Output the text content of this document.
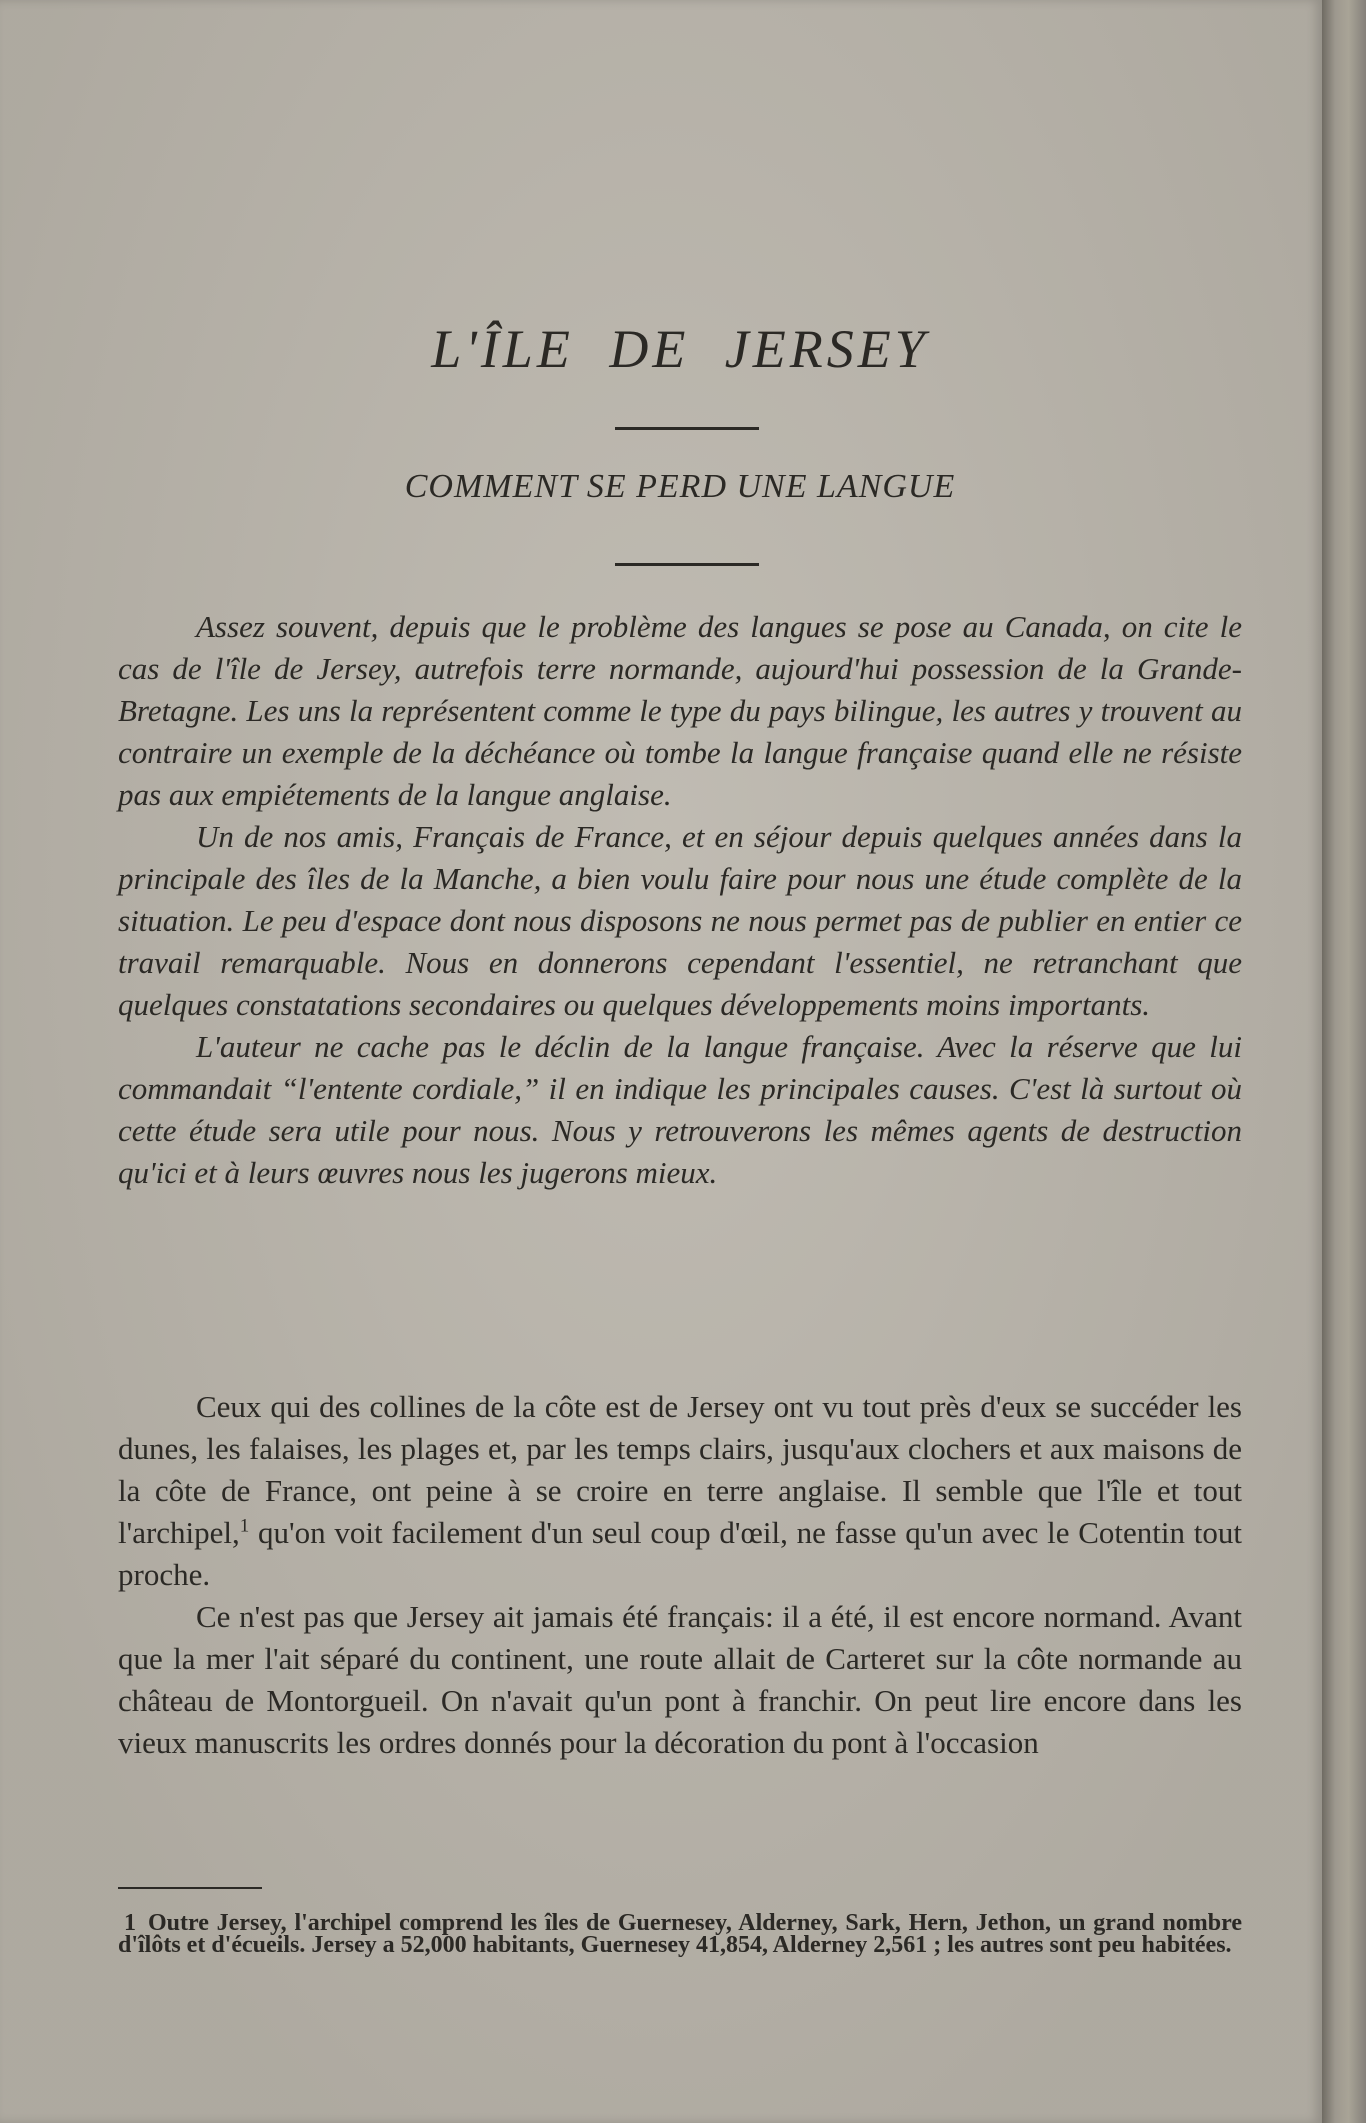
L'ÎLE DE JERSEY
COMMENT SE PERD UNE LANGUE

Assez souvent, depuis que le problème des langues se pose au Canada, on cite le cas de l'île de Jersey, autrefois terre normande, aujourd'hui possession de la Grande-Bretagne. Les uns la représentent comme le type du pays bilingue, les autres y trouvent au contraire un exemple de la déchéance où tombe la langue française quand elle ne résiste pas aux empiétements de la langue anglaise.

Un de nos amis, Français de France, et en séjour depuis quelques années dans la principale des îles de la Manche, a bien voulu faire pour nous une étude complète de la situation. Le peu d'espace dont nous disposons ne nous permet pas de publier en entier ce travail remarquable. Nous en donnerons cependant l'essentiel, ne retranchant que quelques constatations secondaires ou quelques développements moins importants.

L'auteur ne cache pas le déclin de la langue française. Avec la réserve que lui commandait “l'entente cordiale,” il en indique les principales causes. C'est là surtout où cette étude sera utile pour nous. Nous y retrouverons les mêmes agents de destruction qu'ici et à leurs œuvres nous les jugerons mieux.

Ceux qui des collines de la côte est de Jersey ont vu tout près d'eux se succéder les dunes, les falaises, les plages et, par les temps clairs, jusqu'aux clochers et aux maisons de la côte de France, ont peine à se croire en terre anglaise. Il semble que l'île et tout l'archipel,$^1$ qu'on voit facilement d'un seul coup d'œil, ne fasse qu'un avec le Cotentin tout proche.

Ce n'est pas que Jersey ait jamais été français: il a été, il est encore normand. Avant que la mer l'ait séparé du continent, une route allait de Carteret sur la côte normande au château de Montorgueil. On n'avait qu'un pont à franchir. On peut lire encore dans les vieux manuscrits les ordres donnés pour la décoration du pont à l'occasion

1 Outre Jersey, l'archipel comprend les îles de Guernesey, Alderney, Sark, Hern, Jethon, un grand nombre d'îlôts et d'écueils. Jersey a 52,000 habitants, Guernesey 41,854, Alderney 2,561 ; les autres sont peu habitées.
